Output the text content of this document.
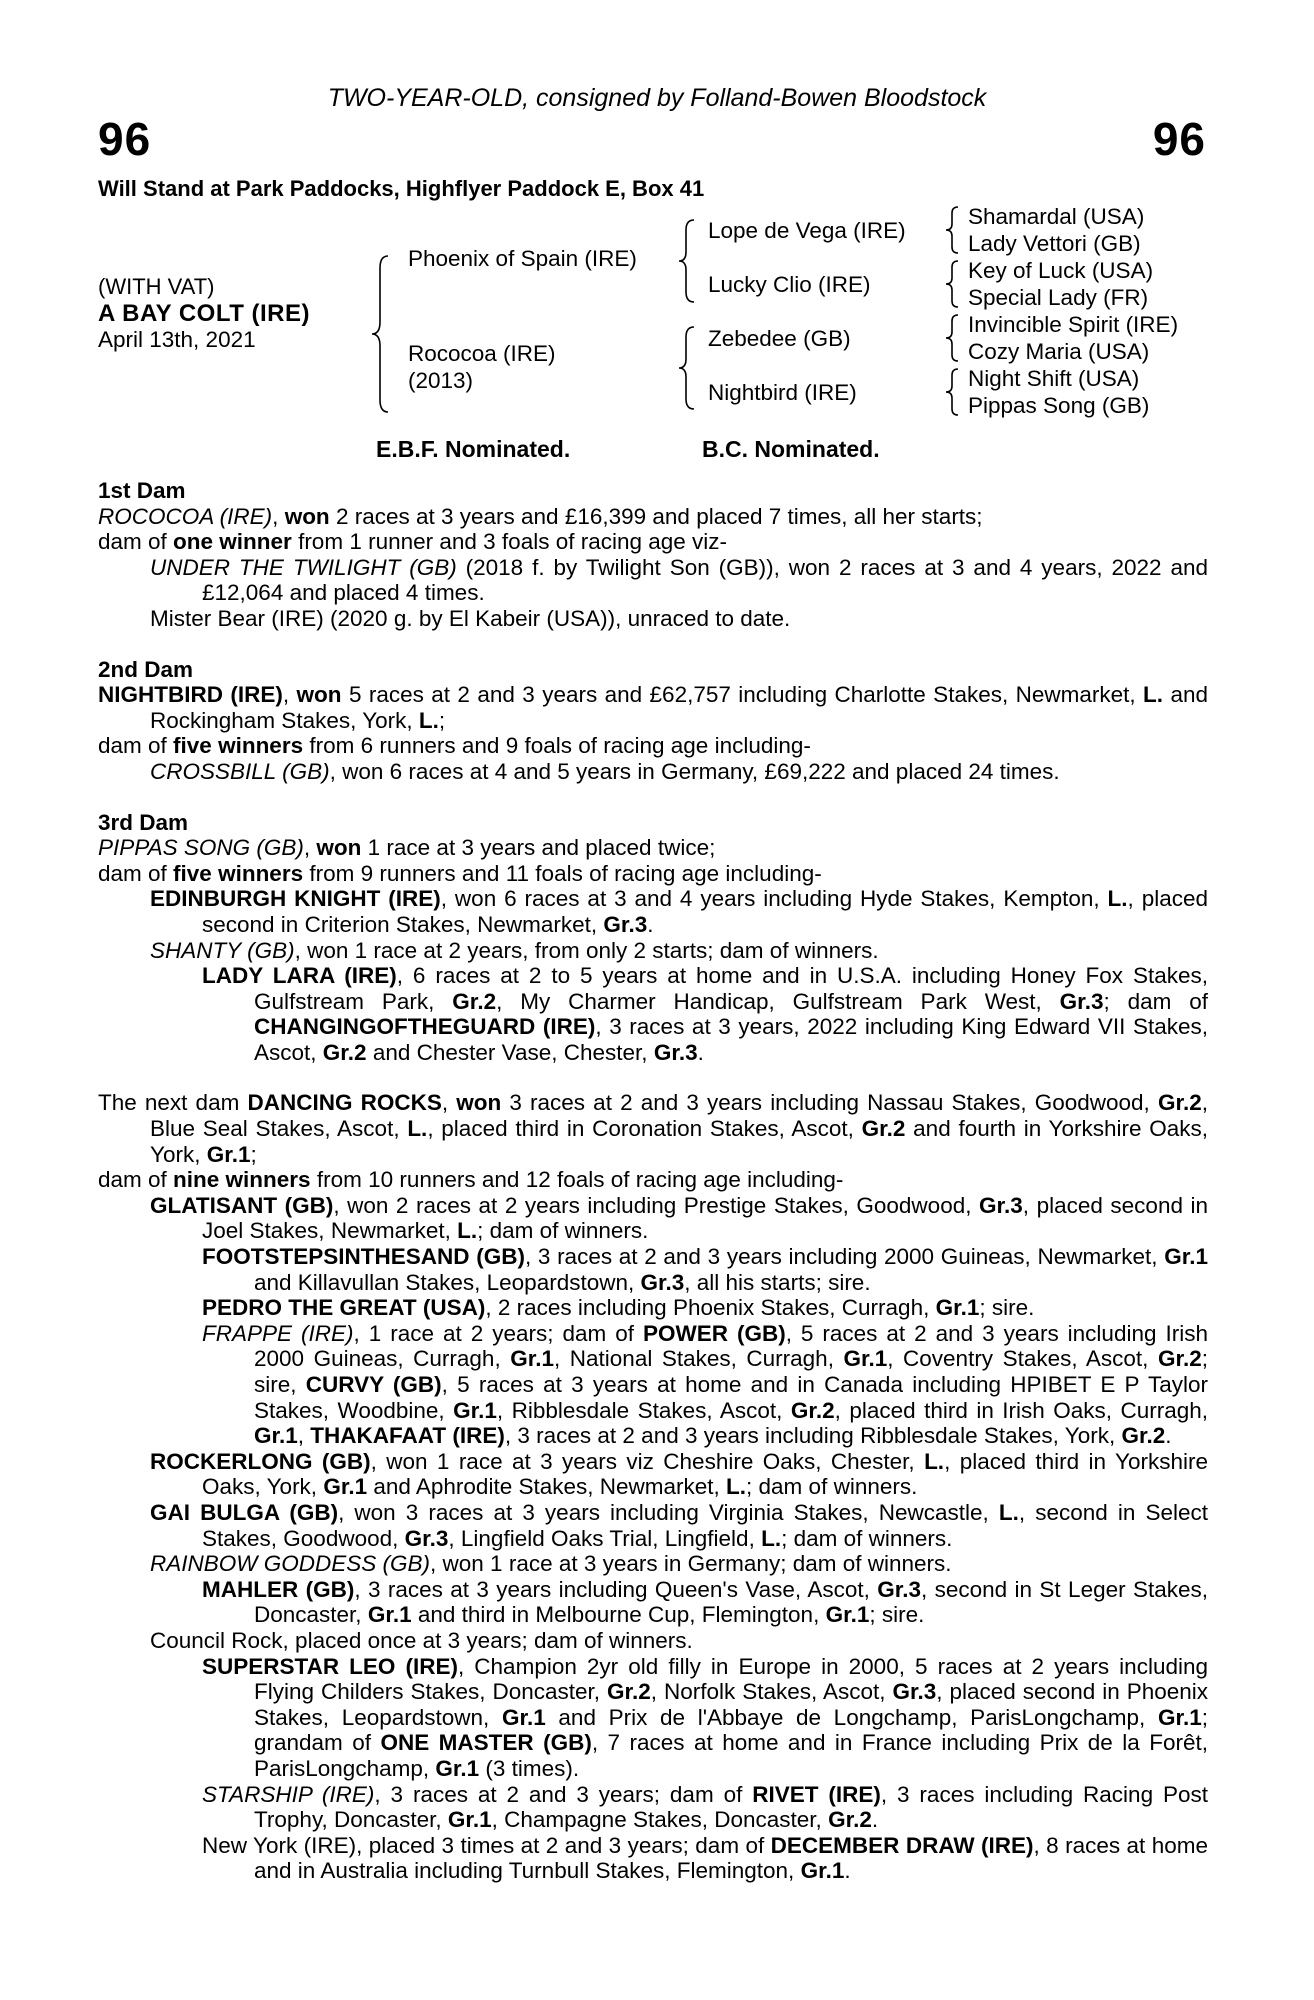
TWO-YEAR-OLD, consigned by Folland-Bowen Bloodstock
96	96
Will Stand at Park Paddocks, Highflyer Paddock E, Box 41
(WITH VAT)
A BAY COLT (IRE)
April 13th, 2021
Phoenix of Spain (IRE)
Rococoa (IRE)
(2013)
Lope de Vega (IRE)
Lucky Clio (IRE)
Zebedee (GB)
Nightbird (IRE)
Shamardal (USA)
Lady Vettori (GB)
Key of Luck (USA)
Special Lady (FR)
Invincible Spirit (IRE)
Cozy Maria (USA)
Night Shift (USA)
Pippas Song (GB)
E.B.F. Nominated.	B.C. Nominated.

1st Dam

ROCOCOA (IRE), won 2 races at 3 years and £16,399 and placed 7 times, all her starts;

dam of one winner from 1 runner and 3 foals of racing age viz-

UNDER THE TWILIGHT (GB) (2018 f. by Twilight Son (GB)), won 2 races at 3 and 4 years, 2022 and £12,064 and placed 4 times.

Mister Bear (IRE) (2020 g. by El Kabeir (USA)), unraced to date.

2nd Dam

NIGHTBIRD (IRE), won 5 races at 2 and 3 years and £62,757 including Charlotte Stakes, Newmarket, L. and Rockingham Stakes, York, L.;

dam of five winners from 6 runners and 9 foals of racing age including-

CROSSBILL (GB), won 6 races at 4 and 5 years in Germany, £69,222 and placed 24 times.

3rd Dam

PIPPAS SONG (GB), won 1 race at 3 years and placed twice;

dam of five winners from 9 runners and 11 foals of racing age including-

EDINBURGH KNIGHT (IRE), won 6 races at 3 and 4 years including Hyde Stakes, Kempton, L., placed second in Criterion Stakes, Newmarket, Gr.3.

SHANTY (GB), won 1 race at 2 years, from only 2 starts; dam of winners.

LADY LARA (IRE), 6 races at 2 to 5 years at home and in U.S.A. including Honey Fox Stakes, Gulfstream Park, Gr.2, My Charmer Handicap, Gulfstream Park West, Gr.3; dam of CHANGINGOFTHEGUARD (IRE), 3 races at 3 years, 2022 including King Edward VII Stakes, Ascot, Gr.2 and Chester Vase, Chester, Gr.3.

The next dam DANCING ROCKS, won 3 races at 2 and 3 years including Nassau Stakes, Goodwood, Gr.2, Blue Seal Stakes, Ascot, L., placed third in Coronation Stakes, Ascot, Gr.2 and fourth in Yorkshire Oaks, York, Gr.1;

dam of nine winners from 10 runners and 12 foals of racing age including-

GLATISANT (GB), won 2 races at 2 years including Prestige Stakes, Goodwood, Gr.3, placed second in Joel Stakes, Newmarket, L.; dam of winners.

FOOTSTEPSINTHESAND (GB), 3 races at 2 and 3 years including 2000 Guineas, Newmarket, Gr.1 and Killavullan Stakes, Leopardstown, Gr.3, all his starts; sire.

PEDRO THE GREAT (USA), 2 races including Phoenix Stakes, Curragh, Gr.1; sire.

FRAPPE (IRE), 1 race at 2 years; dam of POWER (GB), 5 races at 2 and 3 years including Irish 2000 Guineas, Curragh, Gr.1, National Stakes, Curragh, Gr.1, Coventry Stakes, Ascot, Gr.2; sire, CURVY (GB), 5 races at 3 years at home and in Canada including HPIBET E P Taylor Stakes, Woodbine, Gr.1, Ribblesdale Stakes, Ascot, Gr.2, placed third in Irish Oaks, Curragh, Gr.1, THAKAFAAT (IRE), 3 races at 2 and 3 years including Ribblesdale Stakes, York, Gr.2.

ROCKERLONG (GB), won 1 race at 3 years viz Cheshire Oaks, Chester, L., placed third in Yorkshire Oaks, York, Gr.1 and Aphrodite Stakes, Newmarket, L.; dam of winners.

GAI BULGA (GB), won 3 races at 3 years including Virginia Stakes, Newcastle, L., second in Select Stakes, Goodwood, Gr.3, Lingfield Oaks Trial, Lingfield, L.; dam of winners.

RAINBOW GODDESS (GB), won 1 race at 3 years in Germany; dam of winners.

MAHLER (GB), 3 races at 3 years including Queen's Vase, Ascot, Gr.3, second in St Leger Stakes, Doncaster, Gr.1 and third in Melbourne Cup, Flemington, Gr.1; sire.

Council Rock, placed once at 3 years; dam of winners.

SUPERSTAR LEO (IRE), Champion 2yr old filly in Europe in 2000, 5 races at 2 years including Flying Childers Stakes, Doncaster, Gr.2, Norfolk Stakes, Ascot, Gr.3, placed second in Phoenix Stakes, Leopardstown, Gr.1 and Prix de l'Abbaye de Longchamp, ParisLongchamp, Gr.1; grandam of ONE MASTER (GB), 7 races at home and in France including Prix de la Forêt, ParisLongchamp, Gr.1 (3 times).

STARSHIP (IRE), 3 races at 2 and 3 years; dam of RIVET (IRE), 3 races including Racing Post Trophy, Doncaster, Gr.1, Champagne Stakes, Doncaster, Gr.2.

New York (IRE), placed 3 times at 2 and 3 years; dam of DECEMBER DRAW (IRE), 8 races at home and in Australia including Turnbull Stakes, Flemington, Gr.1.
